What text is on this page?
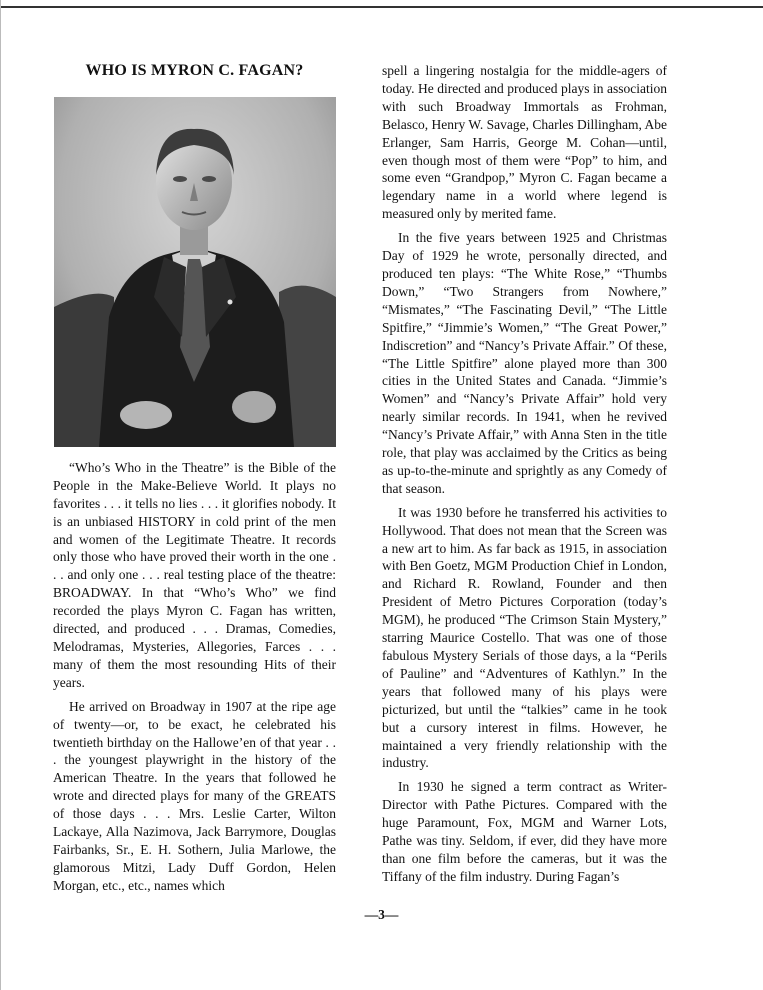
WHO IS MYRON C. FAGAN?

“Who’s Who in the Theatre” is the Bible of the People in the Make-Believe World. It plays no favorites . . . it tells no lies . . . it glorifies nobody. It is an unbiased HISTORY in cold print of the men and women of the Legitimate Theatre. It records only those who have proved their worth in the one . . . and only one . . . real testing place of the theatre: BROADWAY. In that “Who’s Who” we find recorded the plays Myron C. Fagan has written, directed, and produced . . . Dramas, Comedies, Melodramas, Mysteries, Allegories, Farces . . . many of them the most resounding Hits of their years.

He arrived on Broadway in 1907 at the ripe age of twenty—or, to be exact, he celebrated his twentieth birthday on the Hallowe’en of that year . . . the youngest playwright in the history of the American Theatre. In the years that followed he wrote and directed plays for many of the GREATS of those days . . . Mrs. Leslie Carter, Wilton Lackaye, Alla Nazimova, Jack Barrymore, Douglas Fairbanks, Sr., E. H. Sothern, Julia Marlowe, the glamorous Mitzi, Lady Duff Gordon, Helen Morgan, etc., etc., names which

spell a lingering nostalgia for the middle-agers of today. He directed and produced plays in association with such Broadway Immortals as Frohman, Belasco, Henry W. Savage, Charles Dillingham, Abe Erlanger, Sam Harris, George M. Cohan—until, even though most of them were “Pop” to him, and some even “Grandpop,” Myron C. Fagan became a legendary name in a world where legend is measured only by merited fame.

In the five years between 1925 and Christmas Day of 1929 he wrote, personally directed, and produced ten plays: “The White Rose,” “Thumbs Down,” “Two Strangers from Nowhere,” “Mismates,” “The Fascinating Devil,” “The Little Spitfire,” “Jimmie’s Women,” “The Great Power,” Indiscretion” and “Nancy’s Private Affair.” Of these, “The Little Spitfire” alone played more than 300 cities in the United States and Canada. “Jimmie’s Women” and “Nancy’s Private Affair” hold very nearly similar records. In 1941, when he revived “Nancy’s Private Affair,” with Anna Sten in the title role, that play was acclaimed by the Critics as being as up-to-the-minute and sprightly as any Comedy of that season.

It was 1930 before he transferred his activities to Hollywood. That does not mean that the Screen was a new art to him. As far back as 1915, in association with Ben Goetz, MGM Production Chief in London, and Richard R. Rowland, Founder and then President of Metro Pictures Corporation (today’s MGM), he produced “The Crimson Stain Mystery,” starring Maurice Costello. That was one of those fabulous Mystery Serials of those days, a la “Perils of Pauline” and “Adventures of Kathlyn.” In the years that followed many of his plays were picturized, but until the “talkies” came in he took but a cursory interest in films. However, he maintained a very friendly relationship with the industry.

In 1930 he signed a term contract as Writer-Director with Pathe Pictures. Compared with the huge Paramount, Fox, MGM and Warner Lots, Pathe was tiny. Seldom, if ever, did they have more than one film before the cameras, but it was the Tiffany of the film industry. During Fagan’s

—3—
